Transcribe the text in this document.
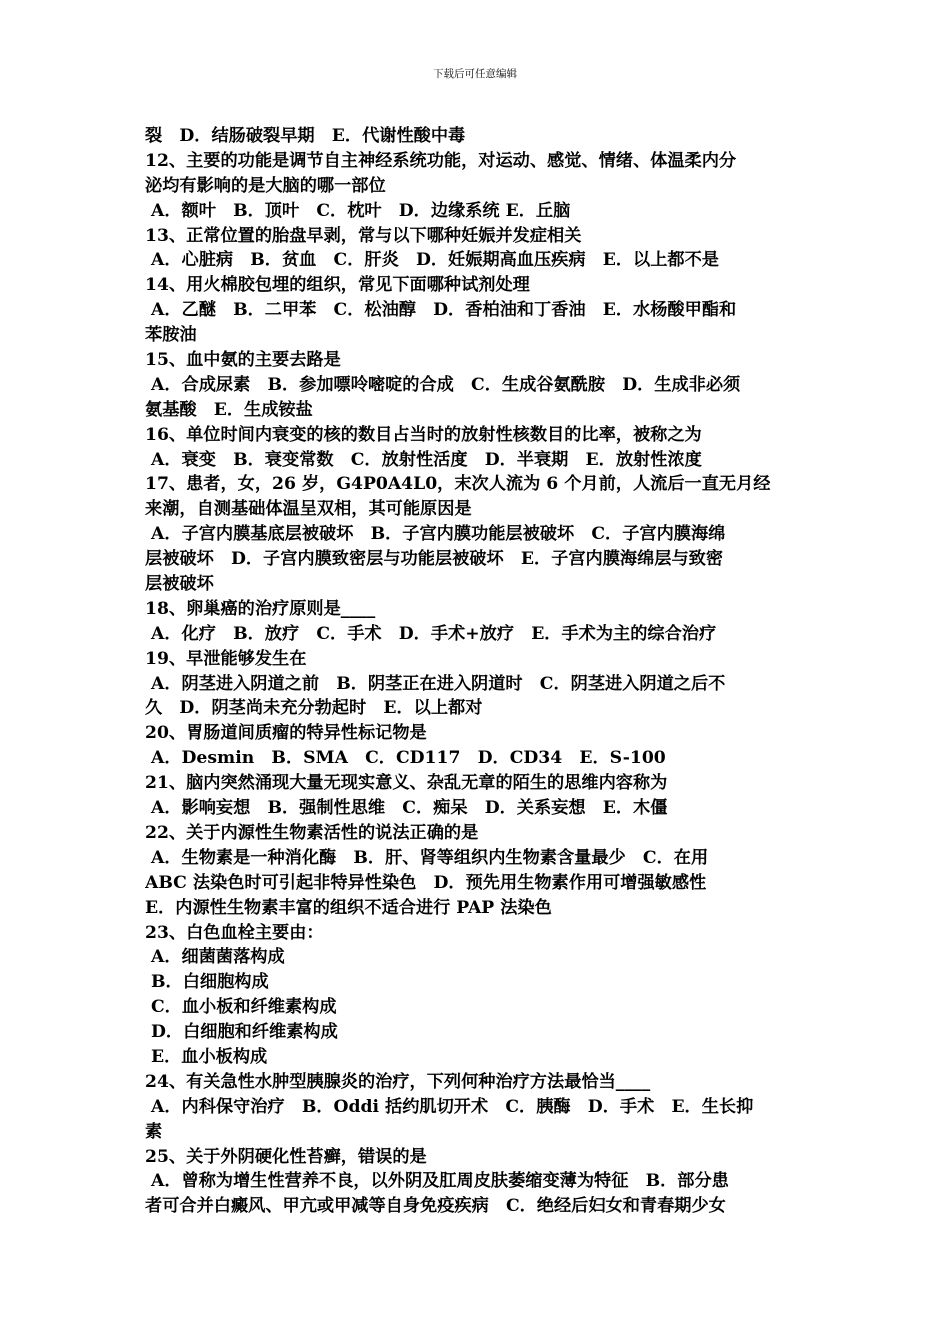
下载后可任意编辑
裂　D．结肠破裂早期　E．代谢性酸中毒
12、主要的功能是调节自主神经系统功能，对运动、感觉、情绪、体温柔内分
泌均有影响的是大脑的哪一部位
A．额叶　B．顶叶　C．枕叶　D．边缘系统 E．丘脑
13、正常位置的胎盘早剥，常与以下哪种妊娠并发症相关
A．心脏病　B．贫血　C．肝炎　D．妊娠期高血压疾病　E．以上都不是
14、用火棉胶包埋的组织，常见下面哪种试剂处理
A．乙醚　B．二甲苯　C．松油醇　D．香柏油和丁香油　E．水杨酸甲酯和
苯胺油
15、血中氨的主要去路是
A．合成尿素　B．参加嘌呤嘧啶的合成　C．生成谷氨酰胺　D．生成非必须
氨基酸　E．生成铵盐
16、单位时间内衰变的核的数目占当时的放射性核数目的比率，被称之为
A．衰变　B．衰变常数　C．放射性活度　D．半衰期　E．放射性浓度
17、患者，女，26 岁，G4P0A4L0，末次人流为 6 个月前，人流后一直无月经
来潮，自测基础体温呈双相，其可能原因是
A．子宫内膜基底层被破坏　B．子宫内膜功能层被破坏　C．子宫内膜海绵
层被破坏　D．子宫内膜致密层与功能层被破坏　E．子宫内膜海绵层与致密
层被破坏
18、卵巢癌的治疗原则是____
A．化疗　B．放疗　C．手术　D．手术+放疗　E．手术为主的综合治疗
19、早泄能够发生在
A．阴茎进入阴道之前　B．阴茎正在进入阴道时　C．阴茎进入阴道之后不
久　D．阴茎尚未充分勃起时　E．以上都对
20、胃肠道间质瘤的特异性标记物是
A．Desmin　B．SMA　C．CD117　D．CD34　E．S-100
21、脑内突然涌现大量无现实意义、杂乱无章的陌生的思维内容称为
A．影响妄想　B．强制性思维　C．痴呆　D．关系妄想　E．木僵
22、关于内源性生物素活性的说法正确的是
A．生物素是一种消化酶　B．肝、肾等组织内生物素含量最少　C．在用
ABC 法染色时可引起非特异性染色　D．预先用生物素作用可增强敏感性
E．内源性生物素丰富的组织不适合进行 PAP 法染色
23、白色血栓主要由：
A．细菌菌落构成
B．白细胞构成
C．血小板和纤维素构成
D．白细胞和纤维素构成
E．血小板构成
24、有关急性水肿型胰腺炎的治疗，下列何种治疗方法最恰当____
A．内科保守治疗　B．Oddi 括约肌切开术　C．胰酶　D．手术　E．生长抑
素
25、关于外阴硬化性苔癣，错误的是
A．曾称为增生性营养不良，以外阴及肛周皮肤萎缩变薄为特征　B．部分患
者可合并白癜风、甲亢或甲减等自身免疫疾病　C．绝经后妇女和青春期少女
